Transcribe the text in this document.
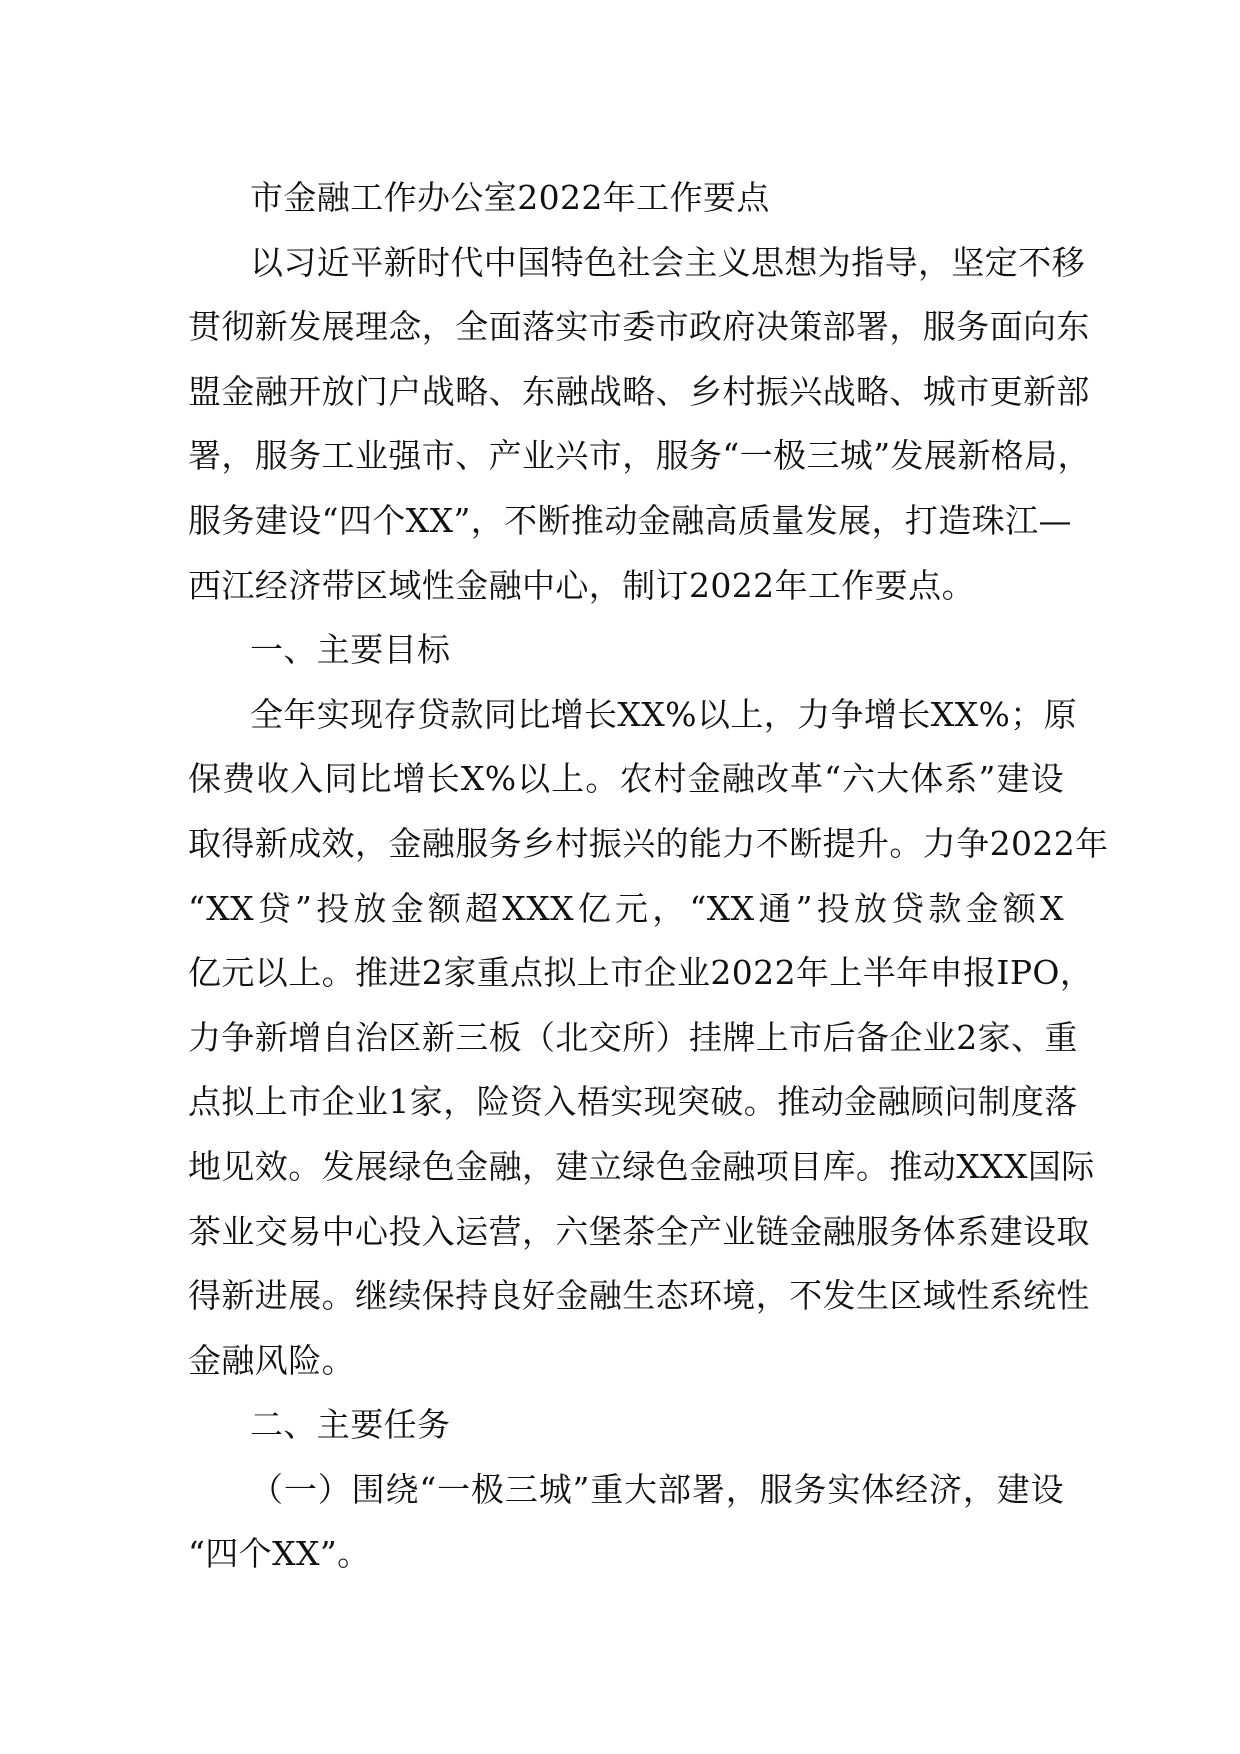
市金融工作办公室2022年工作要点
以习近平新时代中国特色社会主义思想为指导，坚定不移
贯彻新发展理念，全面落实市委市政府决策部署，服务面向东
盟金融开放门户战略、东融战略、乡村振兴战略、城市更新部
署，服务工业强市、产业兴市，服务“一极三城”发展新格局，
服务建设“四个XX”，不断推动金融高质量发展，打造珠江—
西江经济带区域性金融中心，制订2022年工作要点。
一、主要目标
全年实现存贷款同比增长XX%以上，力争增长XX%；原
保费收入同比增长X%以上。农村金融改革“六大体系”建设
取得新成效，金融服务乡村振兴的能力不断提升。力争2022年
“XX贷”投放金额超XXX亿元，“XX通”投放贷款金额X
亿元以上。推进2家重点拟上市企业2022年上半年申报IPO，
力争新增自治区新三板（北交所）挂牌上市后备企业2家、重
点拟上市企业1家，险资入梧实现突破。推动金融顾问制度落
地见效。发展绿色金融，建立绿色金融项目库。推动XXX国际
茶业交易中心投入运营，六堡茶全产业链金融服务体系建设取
得新进展。继续保持良好金融生态环境，不发生区域性系统性
金融风险。
二、主要任务
（一）围绕“一极三城”重大部署，服务实体经济，建设
“四个XX”。
